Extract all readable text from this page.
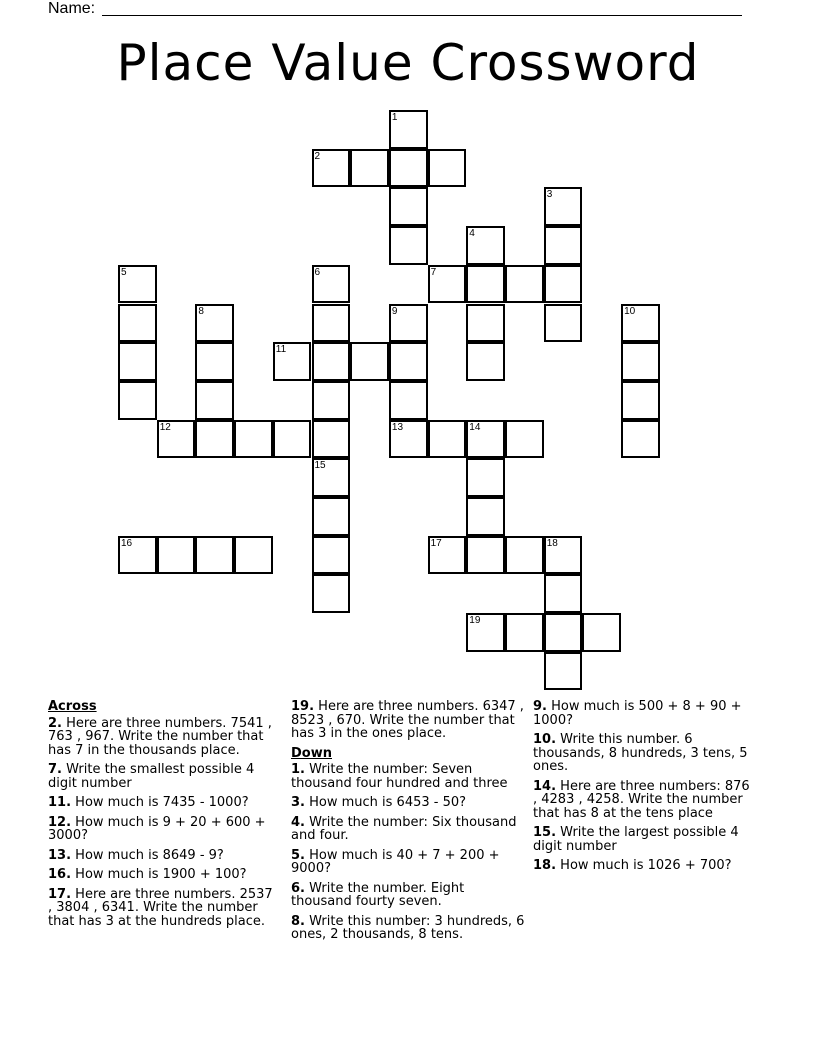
Name:
Place Value Crossword
1
2
3
4
5	6	7
8	9
13
10
11
12	14
15
16	17	18
19
Across
2. Here are three numbers. 7541 , 763 , 967. Write the number that has 7 in the thousands place.
7. Write the smallest possible 4 digit number
11. How much is 7435 - 1000?
12. How much is 9 + 20 + 600 + 3000?
13. How much is 8649 - 9?
16. How much is 1900 + 100?
17. Here are three numbers. 2537 , 3804 , 6341. Write the number that has 3 at the hundreds place.
19. Here are three numbers. 6347 , 8523 , 670. Write the number that has 3 in the ones place.
Down
1. Write the number: Seven thousand four hundred and three
3. How much is 6453 - 50?
4. Write the number: Six thousand and four.
5. How much is 40 + 7 + 200 + 9000?
6. Write the number. Eight thousand fourty seven.
8. Write this number: 3 hundreds, 6 ones, 2 thousands, 8 tens.
9. How much is 500 + 8 + 90 + 1000?
10. Write this number. 6 thousands, 8 hundreds, 3 tens, 5 ones.
14. Here are three numbers: 876 , 4283 , 4258. Write the number that has 8 at the tens place
15. Write the largest possible 4 digit number
18. How much is 1026 + 700?
